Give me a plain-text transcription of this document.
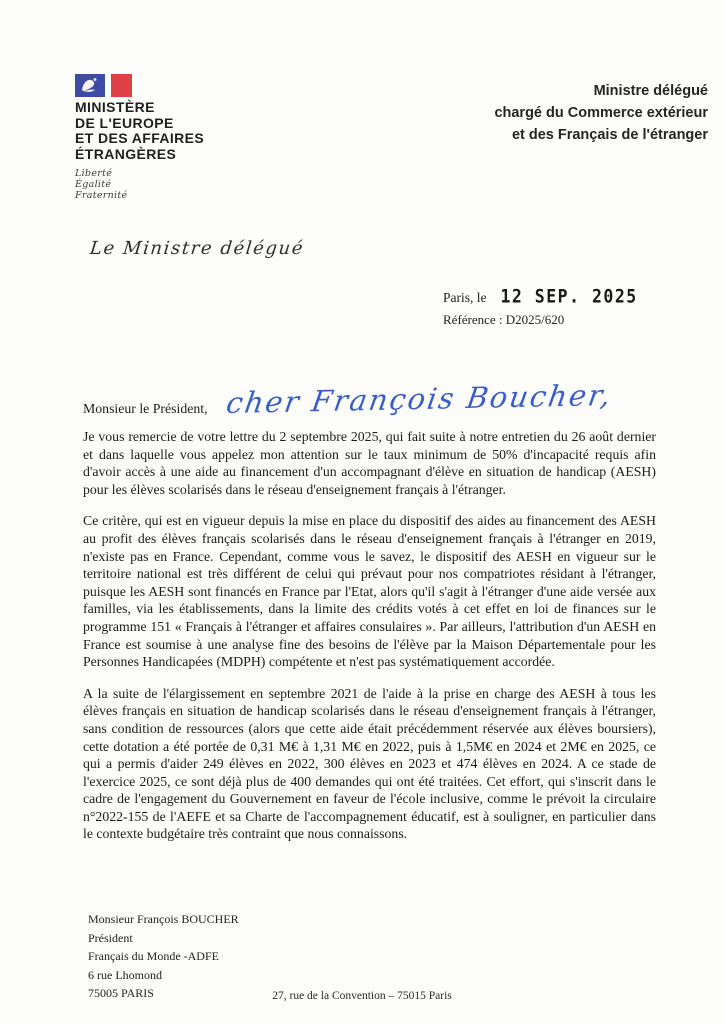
MINISTÈRE
DE L'EUROPE
ET DES AFFAIRES
ÉTRANGÈRES
Liberté
Égalité
Fraternité
Ministre délégué
chargé du Commerce extérieur
et des Français de l'étranger
Le Ministre délégué
Paris, le 12 SEP. 2025
Référence : D2025/620
Monsieur le Président, cher François Boucher,

Je vous remercie de votre lettre du 2 septembre 2025, qui fait suite à notre entretien du 26 août dernier et dans laquelle vous appelez mon attention sur le taux minimum de 50% d'incapacité requis afin d'avoir accès à une aide au financement d'un accompagnant d'élève en situation de handicap (AESH) pour les élèves scolarisés dans le réseau d'enseignement français à l'étranger.

Ce critère, qui est en vigueur depuis la mise en place du dispositif des aides au financement des AESH au profit des élèves français scolarisés dans le réseau d'enseignement français à l'étranger en 2019, n'existe pas en France. Cependant, comme vous le savez, le dispositif des AESH en vigueur sur le territoire national est très différent de celui qui prévaut pour nos compatriotes résidant à l'étranger, puisque les AESH sont financés en France par l'Etat, alors qu'il s'agit à l'étranger d'une aide versée aux familles, via les établissements, dans la limite des crédits votés à cet effet en loi de finances sur le programme 151 « Français à l'étranger et affaires consulaires ». Par ailleurs, l'attribution d'un AESH en France est soumise à une analyse fine des besoins de l'élève par la Maison Départementale pour les Personnes Handicapées (MDPH) compétente et n'est pas systématiquement accordée.

A la suite de l'élargissement en septembre 2021 de l'aide à la prise en charge des AESH à tous les élèves français en situation de handicap scolarisés dans le réseau d'enseignement français à l'étranger, sans condition de ressources (alors que cette aide était précédemment réservée aux élèves boursiers), cette dotation a été portée de 0,31 M€ à 1,31 M€ en 2022, puis à 1,5M€ en 2024 et 2M€ en 2025, ce qui a permis d'aider 249 élèves en 2022, 300 élèves en 2023 et 474 élèves en 2024. A ce stade de l'exercice 2025, ce sont déjà plus de 400 demandes qui ont été traitées. Cet effort, qui s'inscrit dans le cadre de l'engagement du Gouvernement en faveur de l'école inclusive, comme le prévoit la circulaire n°2022-155 de l'AEFE et sa Charte de l'accompagnement éducatif, est à souligner, en particulier dans le contexte budgétaire très contraint que nous connaissons.

Monsieur François BOUCHER
Président
Français du Monde -ADFE
6 rue Lhomond
75005 PARIS	27, rue de la Convention – 75015 Paris
